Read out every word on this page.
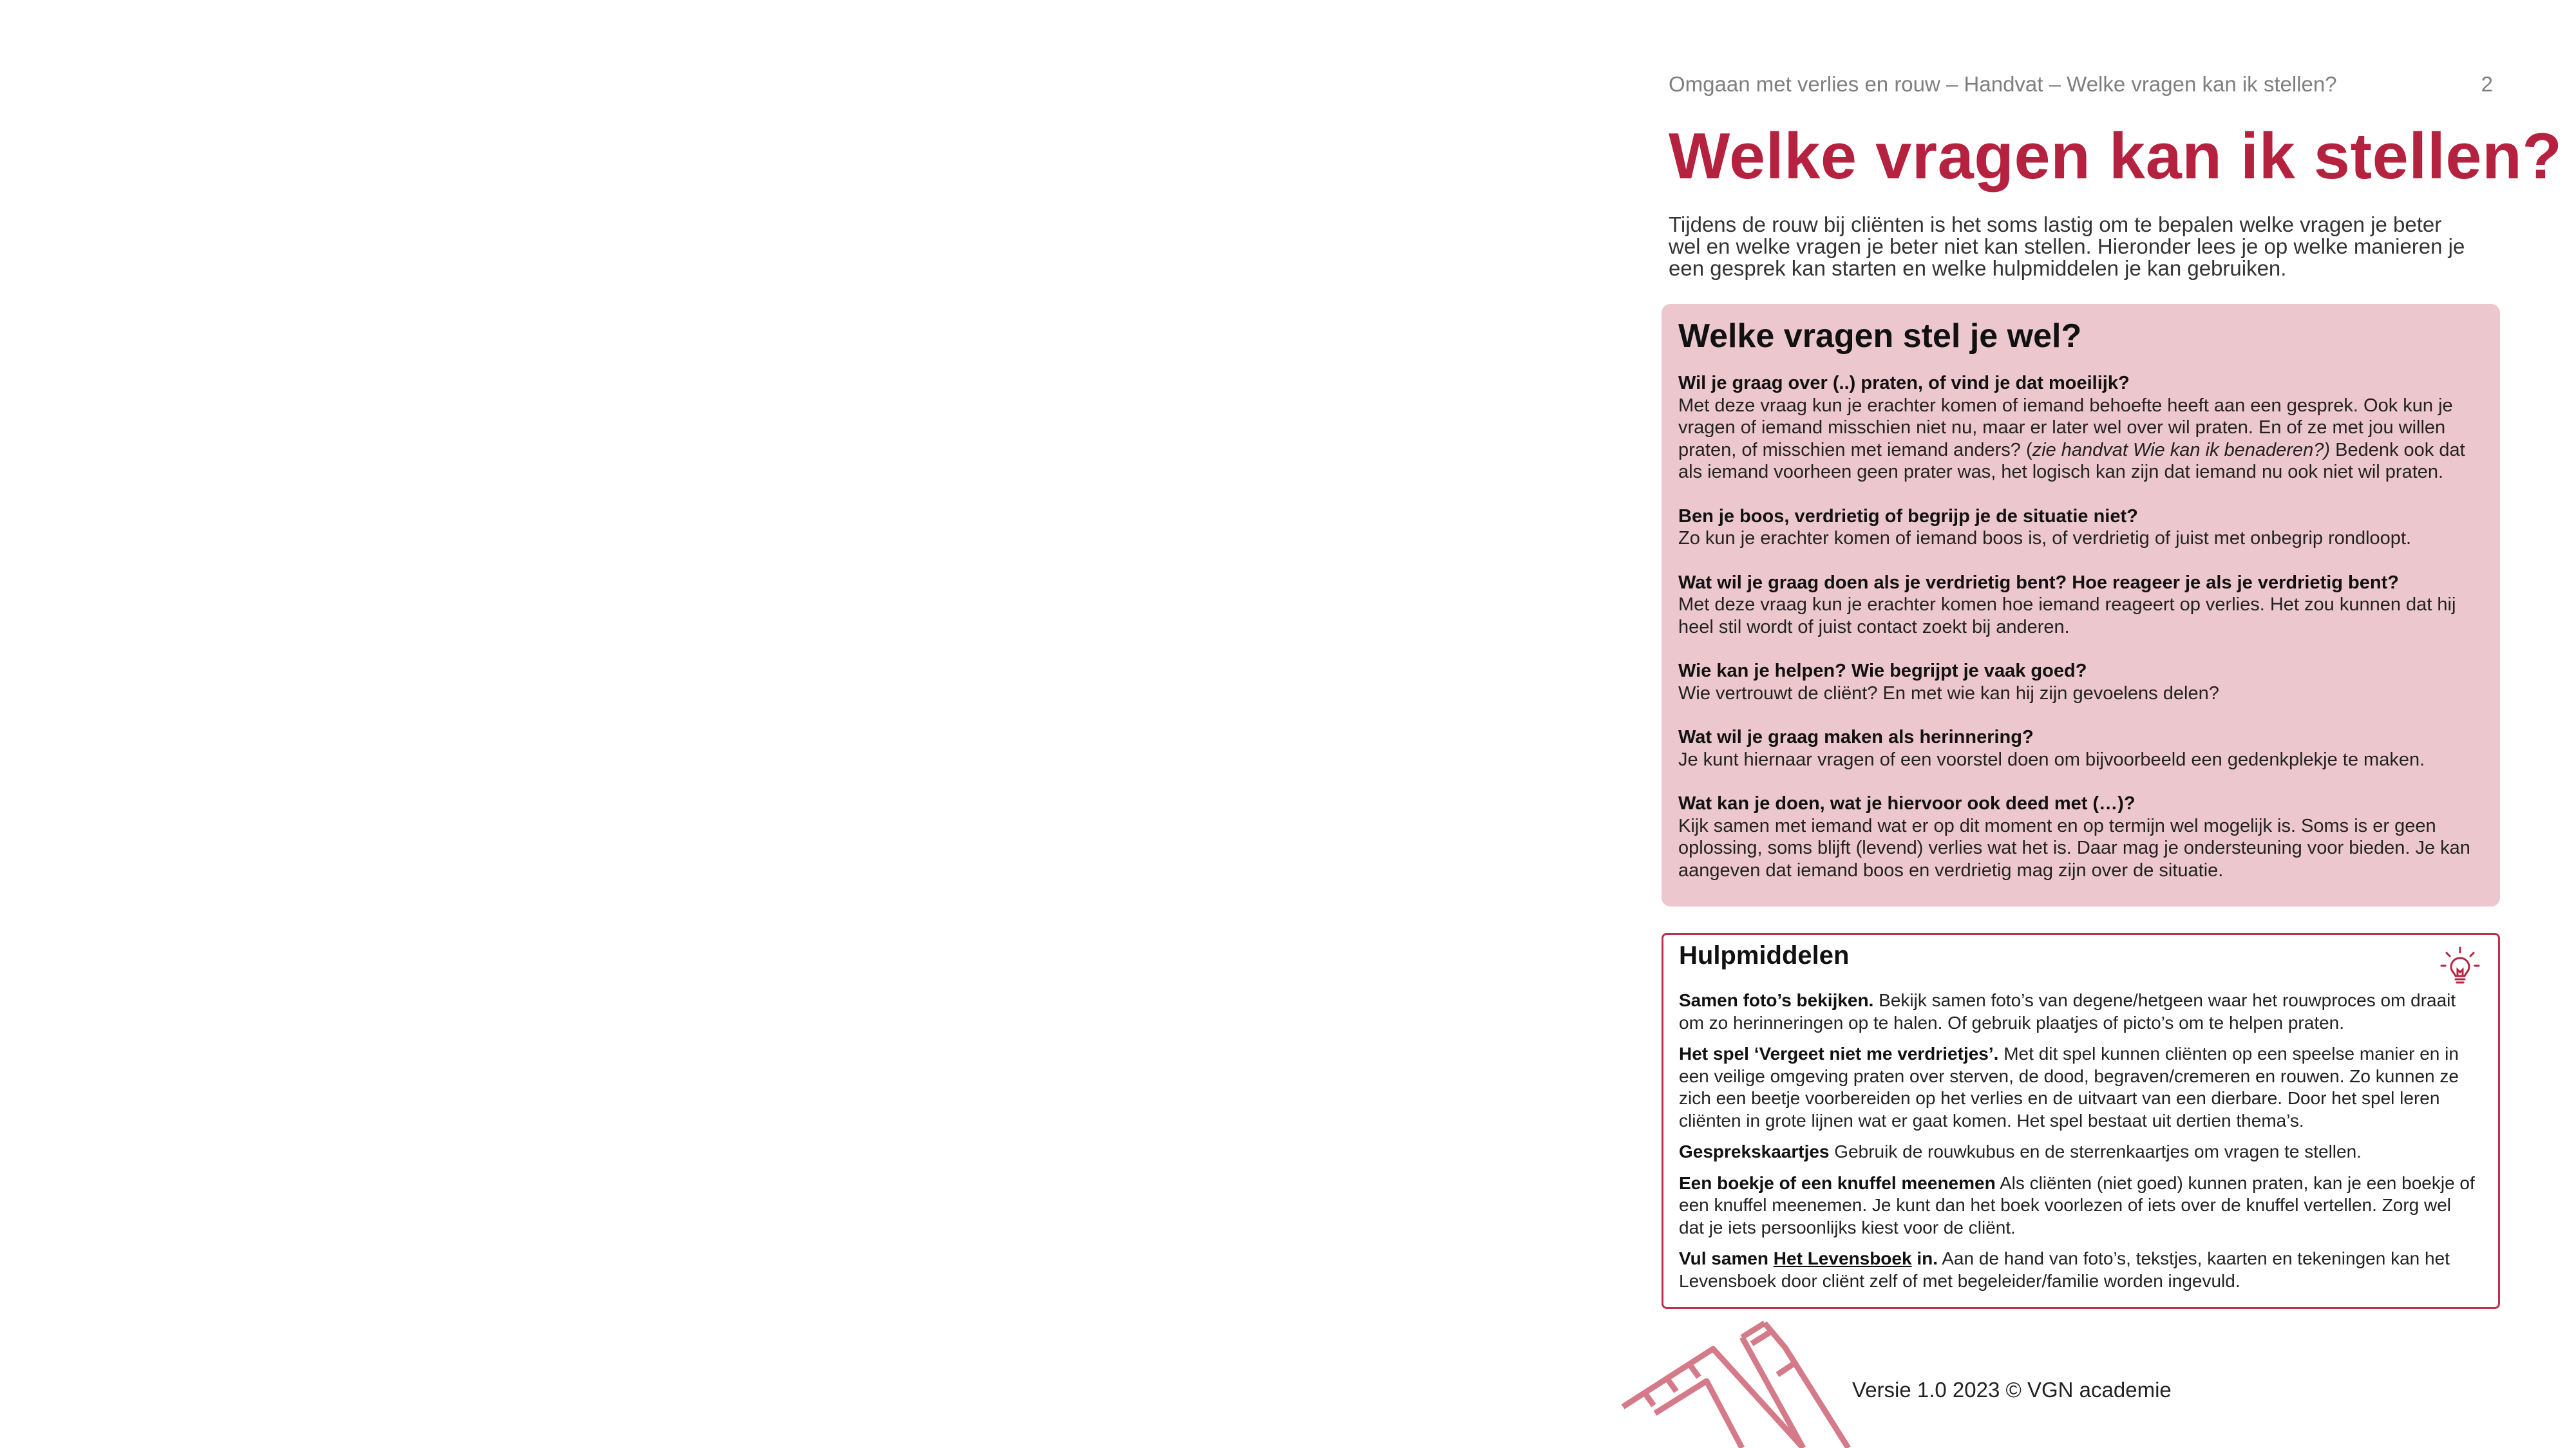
Omgaan met verlies en rouw – Handvat – Welke vragen kan ik stellen?	2
Welke vragen kan ik stellen?

Tijdens de rouw bij cliënten is het soms lastig om te bepalen welke vragen je beter wel en welke vragen je beter niet kan stellen. Hieronder lees je op welke manieren je een gesprek kan starten en welke hulpmiddelen je kan gebruiken.

Welke vragen stel je wel?
Wil je graag over (..) praten, of vind je dat moeilijk?
Met deze vraag kun je erachter komen of iemand behoefte heeft aan een gesprek. Ook kun je vragen of iemand misschien niet nu, maar er later wel over wil praten. En of ze met jou willen praten, of misschien met iemand anders? (zie handvat Wie kan ik benaderen?) Bedenk ook dat als iemand voorheen geen prater was, het logisch kan zijn dat iemand nu ook niet wil praten.
Ben je boos, verdrietig of begrijp je de situatie niet?
Zo kun je erachter komen of iemand boos is, of verdrietig of juist met onbegrip rondloopt.
Wat wil je graag doen als je verdrietig bent? Hoe reageer je als je verdrietig bent?
Met deze vraag kun je erachter komen hoe iemand reageert op verlies. Het zou kunnen dat hij heel stil wordt of juist contact zoekt bij anderen.
Wie kan je helpen? Wie begrijpt je vaak goed?
Wie vertrouwt de cliënt? En met wie kan hij zijn gevoelens delen?
Wat wil je graag maken als herinnering?
Je kunt hiernaar vragen of een voorstel doen om bijvoorbeeld een gedenkplekje te maken.
Wat kan je doen, wat je hiervoor ook deed met (…)?
Kijk samen met iemand wat er op dit moment en op termijn wel mogelijk is. Soms is er geen oplossing, soms blijft (levend) verlies wat het is. Daar mag je ondersteuning voor bieden. Je kan aangeven dat iemand boos en verdrietig mag zijn over de situatie.
Hulpmiddelen

Samen foto’s bekijken. Bekijk samen foto’s van degene/hetgeen waar het rouwproces om draait om zo herinneringen op te halen. Of gebruik plaatjes of picto’s om te helpen praten.

Het spel ‘Vergeet niet me verdrietjes’. Met dit spel kunnen cliënten op een speelse manier en in een veilige omgeving praten over sterven, de dood, begraven/cremeren en rouwen. Zo kunnen ze zich een beetje voorbereiden op het verlies en de uitvaart van een dierbare. Door het spel leren cliënten in grote lijnen wat er gaat komen. Het spel bestaat uit dertien thema’s.

Gesprekskaartjes Gebruik de rouwkubus en de sterrenkaartjes om vragen te stellen.

Een boekje of een knuffel meenemen Als cliënten (niet goed) kunnen praten, kan je een boekje of een knuffel meenemen. Je kunt dan het boek voorlezen of iets over de knuffel vertellen. Zorg wel dat je iets persoonlijks kiest voor de cliënt.

Vul samen Het Levensboek in. Aan de hand van foto’s, tekstjes, kaarten en tekeningen kan het Levensboek door cliënt zelf of met begeleider/familie worden ingevuld.

Versie 1.0 2023 © VGN academie
